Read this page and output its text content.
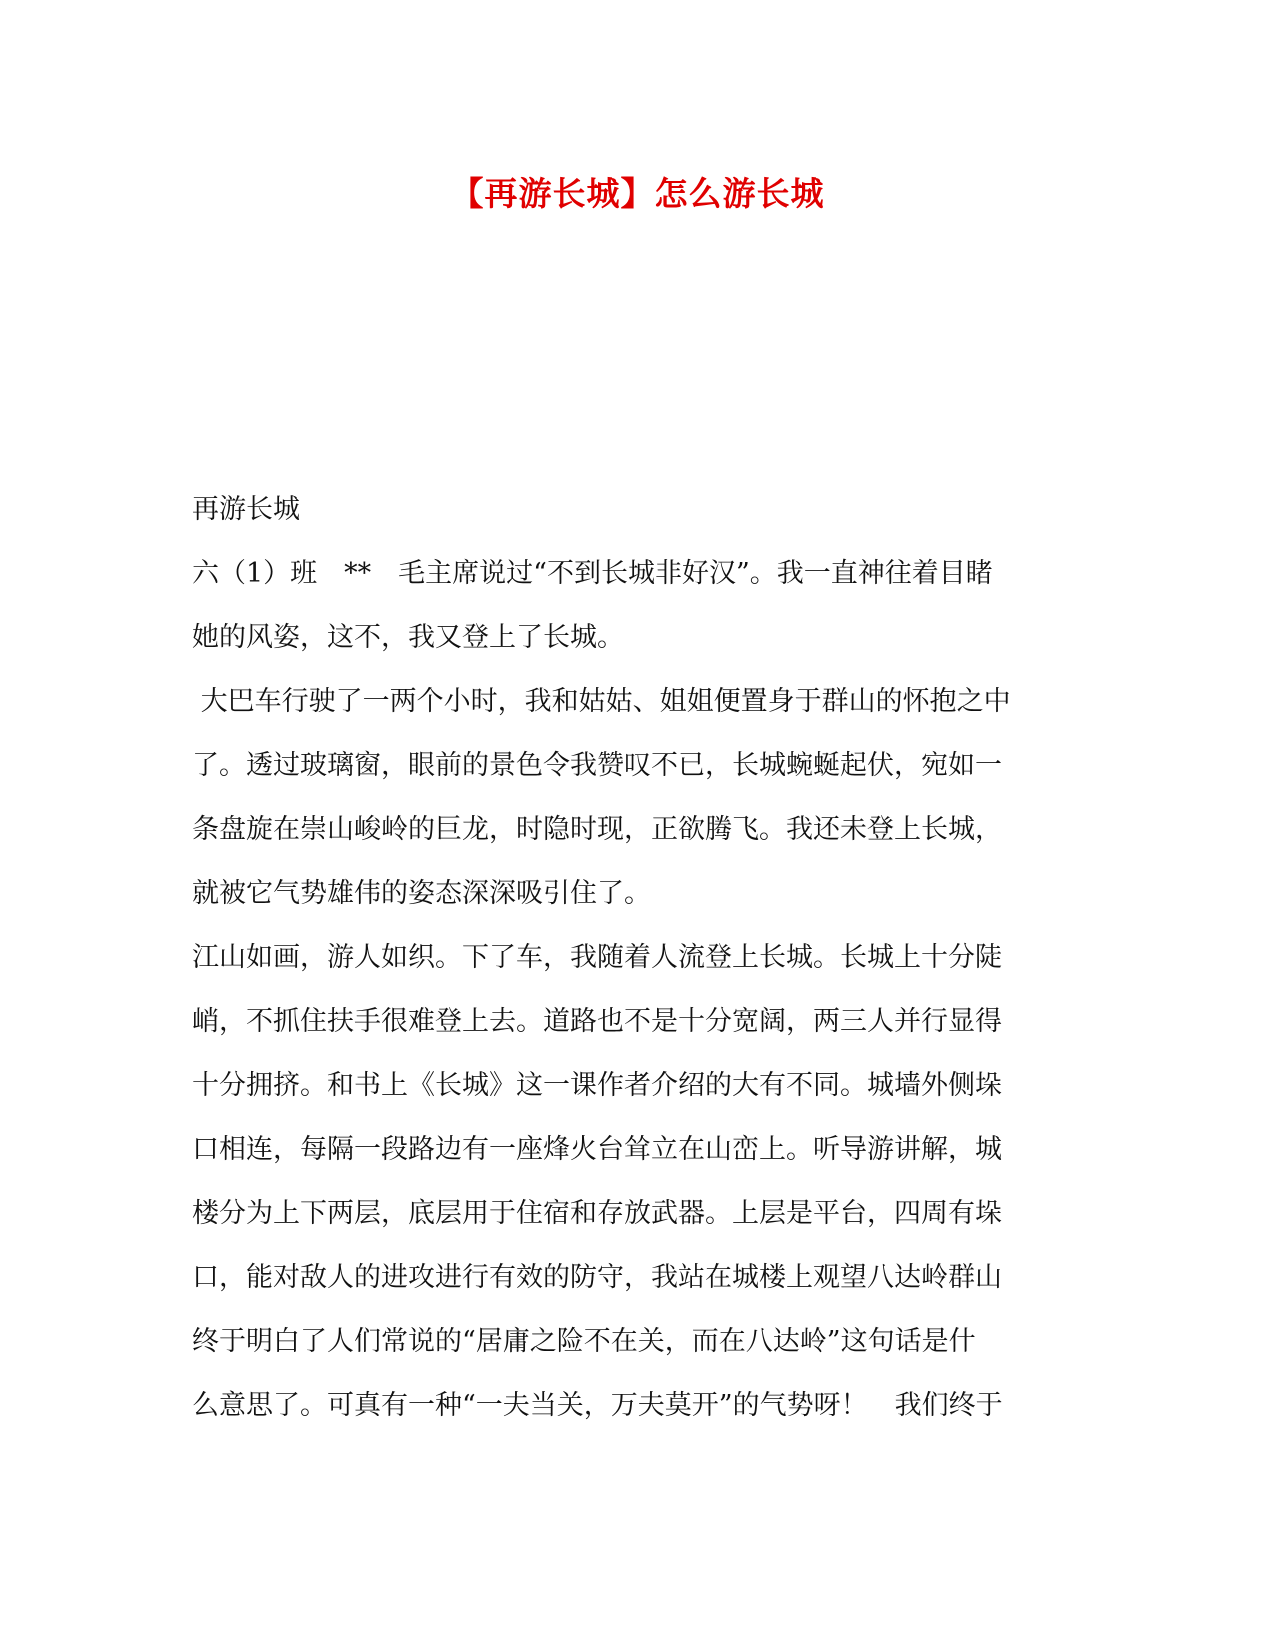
【再游长城】怎么游长城
再游长城
六（1）班　**　毛主席说过“不到长城非好汉”。我一直神往着目睹
她的风姿，这不，我又登上了长城。
大巴车行驶了一两个小时，我和姑姑、姐姐便置身于群山的怀抱之中
了。透过玻璃窗，眼前的景色令我赞叹不已，长城蜿蜒起伏，宛如一
条盘旋在崇山峻岭的巨龙，时隐时现，正欲腾飞。我还未登上长城，
就被它气势雄伟的姿态深深吸引住了。
江山如画，游人如织。下了车，我随着人流登上长城。长城上十分陡
峭，不抓住扶手很难登上去。道路也不是十分宽阔，两三人并行显得
十分拥挤。和书上《长城》这一课作者介绍的大有不同。城墙外侧垛
口相连，每隔一段路边有一座烽火台耸立在山峦上。听导游讲解，城
楼分为上下两层，底层用于住宿和存放武器。上层是平台，四周有垛
口，能对敌人的进攻进行有效的防守，我站在城楼上观望八达岭群山
终于明白了人们常说的“居庸之险不在关，而在八达岭”这句话是什
么意思了。可真有一种“一夫当关，万夫莫开”的气势呀！　我们终于
